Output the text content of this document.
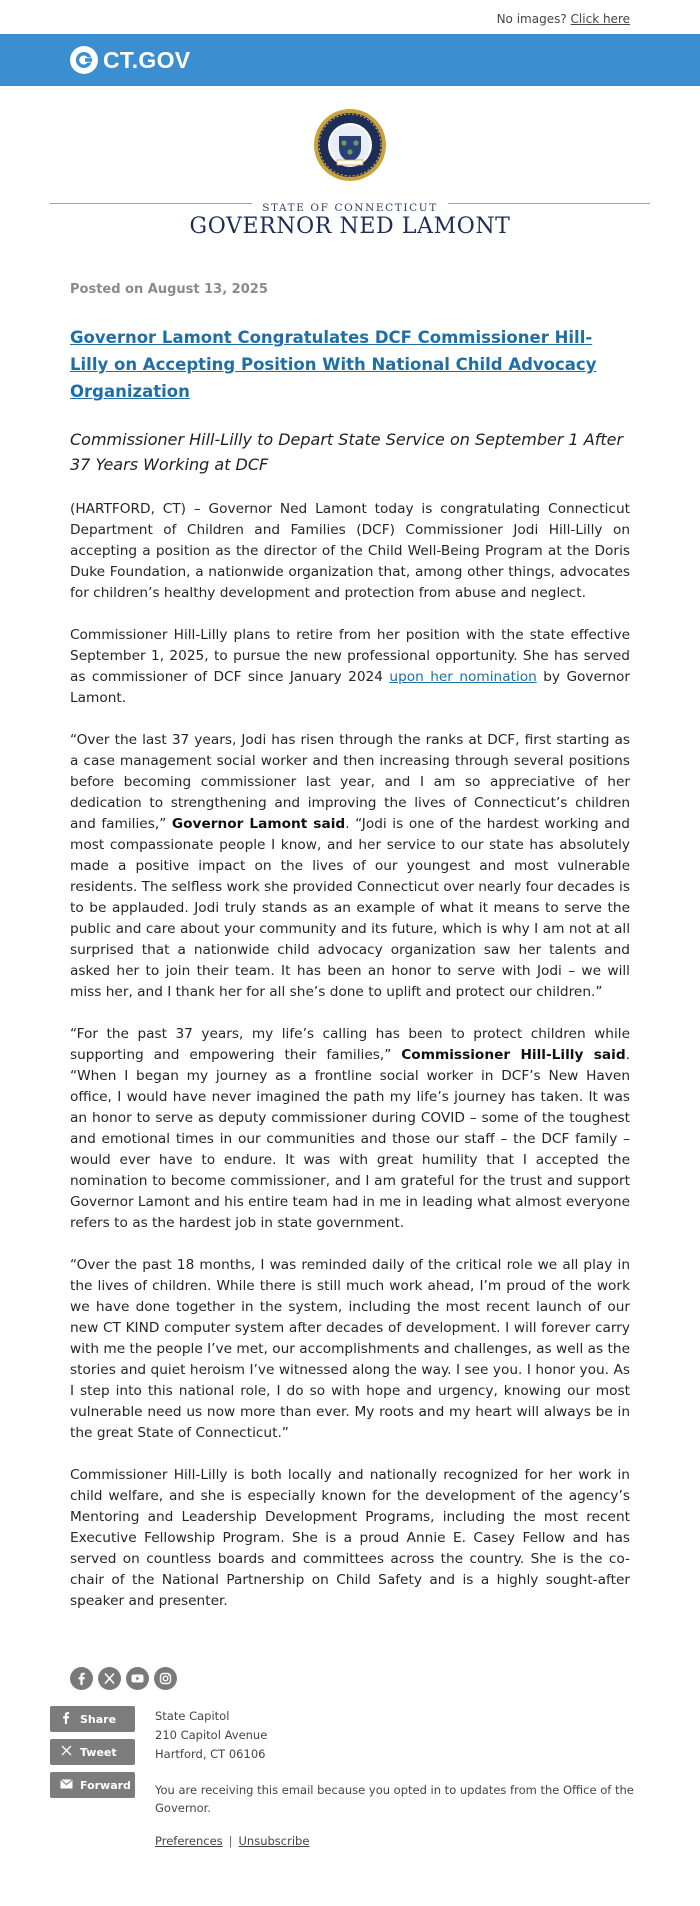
No images? Click here
CT.GOV
STATE OF CONNECTICUT
GOVERNOR NED LAMONT
Posted on August 13, 2025
Governor Lamont Congratulates DCF Commissioner Hill-Lilly on Accepting Position With National Child Advocacy Organization
Commissioner Hill-Lilly to Depart State Service on September 1 After 37 Years Working at DCF

(HARTFORD, CT) – Governor Ned Lamont today is congratulating Connecticut Department of Children and Families (DCF) Commissioner Jodi Hill-Lilly on accepting a position as the director of the Child Well-Being Program at the Doris Duke Foundation, a nationwide organization that, among other things, advocates for children’s healthy development and protection from abuse and neglect.

Commissioner Hill-Lilly plans to retire from her position with the state effective September 1, 2025, to pursue the new professional opportunity. She has served as commissioner of DCF since January 2024 upon her nomination by Governor Lamont.

“Over the last 37 years, Jodi has risen through the ranks at DCF, first starting as a case management social worker and then increasing through several positions before becoming commissioner last year, and I am so appreciative of her dedication to strengthening and improving the lives of Connecticut’s children and families,” Governor Lamont said. “Jodi is one of the hardest working and most compassionate people I know, and her service to our state has absolutely made a positive impact on the lives of our youngest and most vulnerable residents. The selfless work she provided Connecticut over nearly four decades is to be applauded. Jodi truly stands as an example of what it means to serve the public and care about your community and its future, which is why I am not at all surprised that a nationwide child advocacy organization saw her talents and asked her to join their team. It has been an honor to serve with Jodi – we will miss her, and I thank her for all she’s done to uplift and protect our children.”

“For the past 37 years, my life’s calling has been to protect children while supporting and empowering their families,” Commissioner Hill-Lilly said. “When I began my journey as a frontline social worker in DCF’s New Haven office, I would have never imagined the path my life’s journey has taken. It was an honor to serve as deputy commissioner during COVID – some of the toughest and emotional times in our communities and those our staff – the DCF family – would ever have to endure. It was with great humility that I accepted the nomination to become commissioner, and I am grateful for the trust and support Governor Lamont and his entire team had in me in leading what almost everyone refers to as the hardest job in state government.

“Over the past 18 months, I was reminded daily of the critical role we all play in the lives of children. While there is still much work ahead, I’m proud of the work we have done together in the system, including the most recent launch of our new CT KIND computer system after decades of development. I will forever carry with me the people I’ve met, our accomplishments and challenges, as well as the stories and quiet heroism I’ve witnessed along the way. I see you. I honor you. As I step into this national role, I do so with hope and urgency, knowing our most vulnerable need us now more than ever. My roots and my heart will always be in the great State of Connecticut.”

Commissioner Hill-Lilly is both locally and nationally recognized for her work in child welfare, and she is especially known for the development of the agency’s Mentoring and Leadership Development Programs, including the most recent Executive Fellowship Program. She is a proud Annie E. Casey Fellow and has served on countless boards and committees across the country. She is the co-chair of the National Partnership on Child Safety and is a highly sought-after speaker and presenter.

Share
Tweet
Forward
State Capitol
210 Capitol Avenue
Hartford, CT 06106
You are receiving this email because you opted in to updates from the Office of the Governor.
Preferences | Unsubscribe
